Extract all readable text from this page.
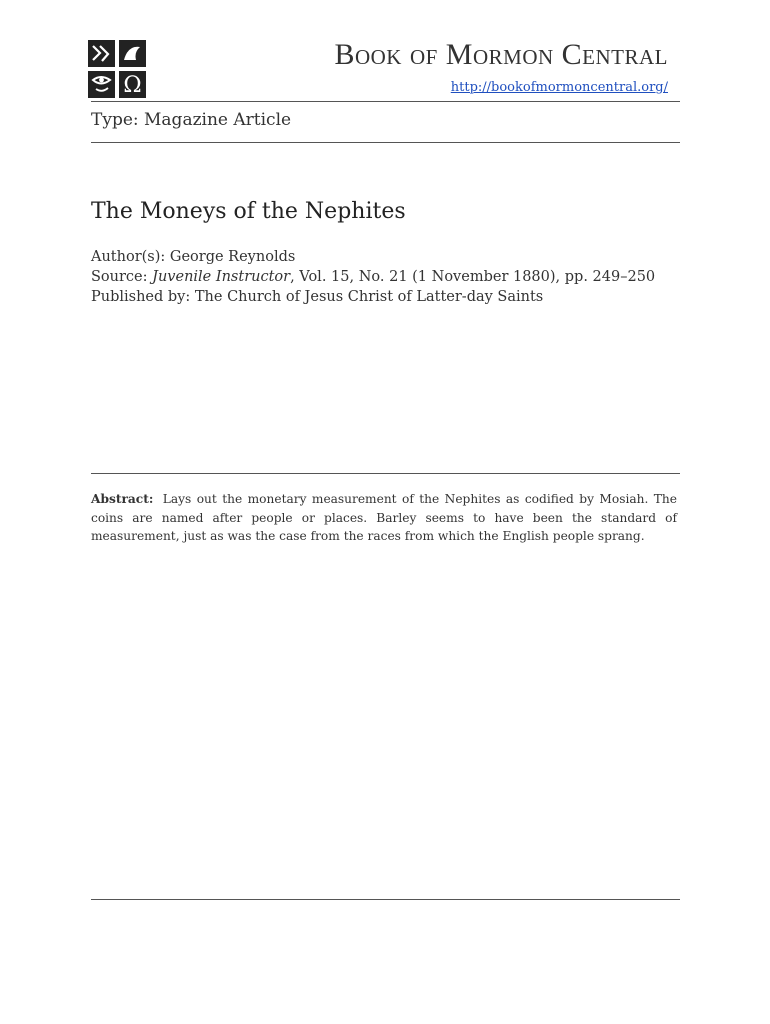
Ω
Book of Mormon Central
http://bookofmormoncentral.org/
Type: Magazine Article
The Moneys of the Nephites
Author(s): George Reynolds
Source: Juvenile Instructor, Vol. 15, No. 21 (1 November 1880), pp. 249–250
Published by: The Church of Jesus Christ of Latter-day Saints
Abstract: Lays out the monetary measurement of the Nephites as codified by Mosiah. The coins are named after people or places. Barley seems to have been the standard of measurement, just as was the case from the races from which the English people sprang.
